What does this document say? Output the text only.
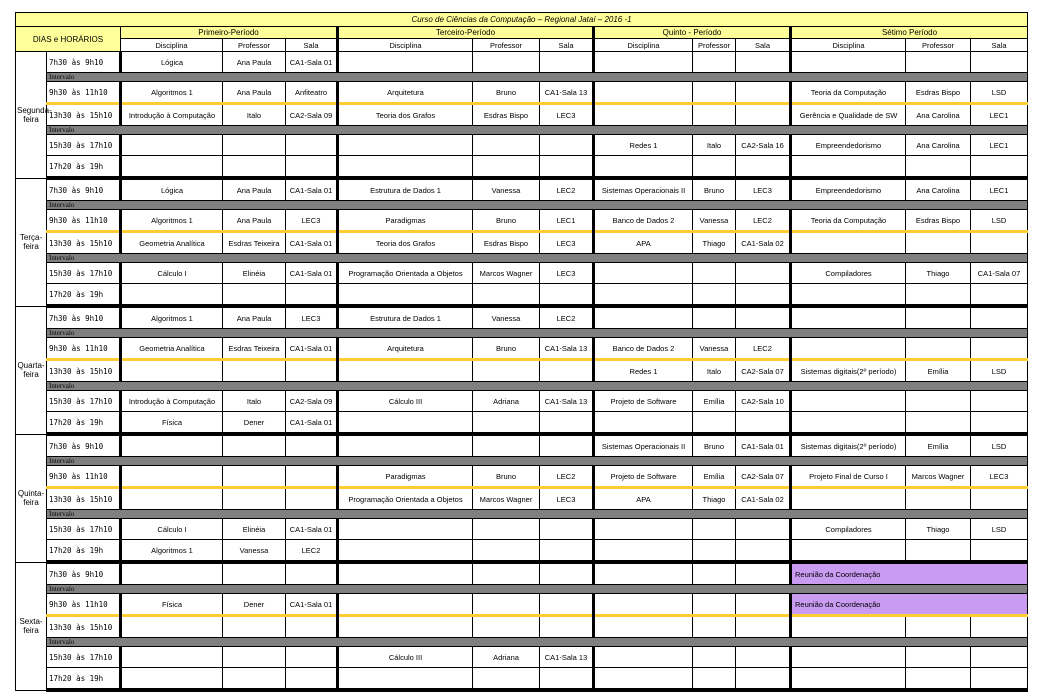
Curso de Ciências da Computação – Regional Jataí – 2016 -1													
DIAS e HORÁRIOS		Primeiro-Período			Terceiro-Período			Quinto - Período			Sétimo Período		
		Disciplina	Professor	Sala	Disciplina	Professor	Sala	Disciplina	Professor	Sala	Disciplina	Professor	Sala
Segunda-feira	7h30 às 9h10	Lógica	Ana Paula	CA1-Sala 01									
	Intervalo												
	9h30 às 11h10	Algoritmos 1	Ana Paula	Anfiteatro	Arquitetura	Bruno	CA1-Sala 13				Teoria da Computação	Esdras Bispo	LSD
	13h30 às 15h10	Introdução à Computação	Italo	CA2-Sala 09	Teoria dos Grafos	Esdras Bispo	LEC3				Gerência e Qualidade de SW	Ana Carolina	LEC1
	Intervalo												
	15h30 às 17h10							Redes 1	Italo	CA2-Sala 16	Empreendedorismo	Ana Carolina	LEC1
	17h20 às 19h												
Terça-feira	7h30 às 9h10	Lógica	Ana Paula	CA1-Sala 01	Estrutura de Dados 1	Vanessa	LEC2	Sistemas Operacionais II	Bruno	LEC3	Empreendedorismo	Ana Carolina	LEC1
	Intervalo												
	9h30 às 11h10	Algoritmos 1	Ana Paula	LEC3	Paradigmas	Bruno	LEC1	Banco de Dados 2	Vanessa	LEC2	Teoria da Computação	Esdras Bispo	LSD
	13h30 às 15h10	Geometria Analítica	Esdras Teixeira	CA1-Sala 01	Teoria dos Grafos	Esdras Bispo	LEC3	APA	Thiago	CA1-Sala 02			
	Intervalo												
	15h30 às 17h10	Cálculo I	Elinéia	CA1-Sala 01	Programação Orientada a Objetos	Marcos Wagner	LEC3				Compiladores	Thiago	CA1-Sala 07
	17h20 às 19h												
Quarta-feira	7h30 às 9h10	Algoritmos 1	Ana Paula	LEC3	Estrutura de Dados 1	Vanessa	LEC2						
	Intervalo												
	9h30 às 11h10	Geometria Analítica	Esdras Teixeira	CA1-Sala 01	Arquitetura	Bruno	CA1-Sala 13	Banco de Dados 2	Vanessa	LEC2			
	13h30 às 15h10							Redes 1	Italo	CA2-Sala 07	Sistemas digitais(2º período)	Emília	LSD
	Intervalo												
	15h30 às 17h10	Introdução à Computação	Italo	CA2-Sala 09	Cálculo III	Adriana	CA1-Sala 13	Projeto de Software	Emília	CA2-Sala 10			
	17h20 às 19h	Física	Dener	CA1-Sala 01									
Quinta-feira	7h30 às 9h10							Sistemas Operacionais II	Bruno	CA1-Sala 01	Sistemas digitais(2º período)	Emília	LSD
	Intervalo												
	9h30 às 11h10				Paradigmas	Bruno	LEC2	Projeto de Software	Emília	CA2-Sala 07	Projeto Final de Curso I	Marcos Wagner	LEC3
	13h30 às 15h10				Programação Orientada a Objetos	Marcos Wagner	LEC3	APA	Thiago	CA1-Sala 02			
	Intervalo												
	15h30 às 17h10	Cálculo I	Elinéia	CA1-Sala 01							Compiladores	Thiago	LSD
	17h20 às 19h	Algoritmos 1	Vanessa	LEC2									
Sexta-feira	7h30 às 9h10										Reunião da Coordenação		
	Intervalo												
	9h30 às 11h10	Física	Dener	CA1-Sala 01							Reunião da Coordenação		
	13h30 às 15h10												
	Intervalo												
	15h30 às 17h10				Cálculo III	Adriana	CA1-Sala 13						
	17h20 às 19h												
